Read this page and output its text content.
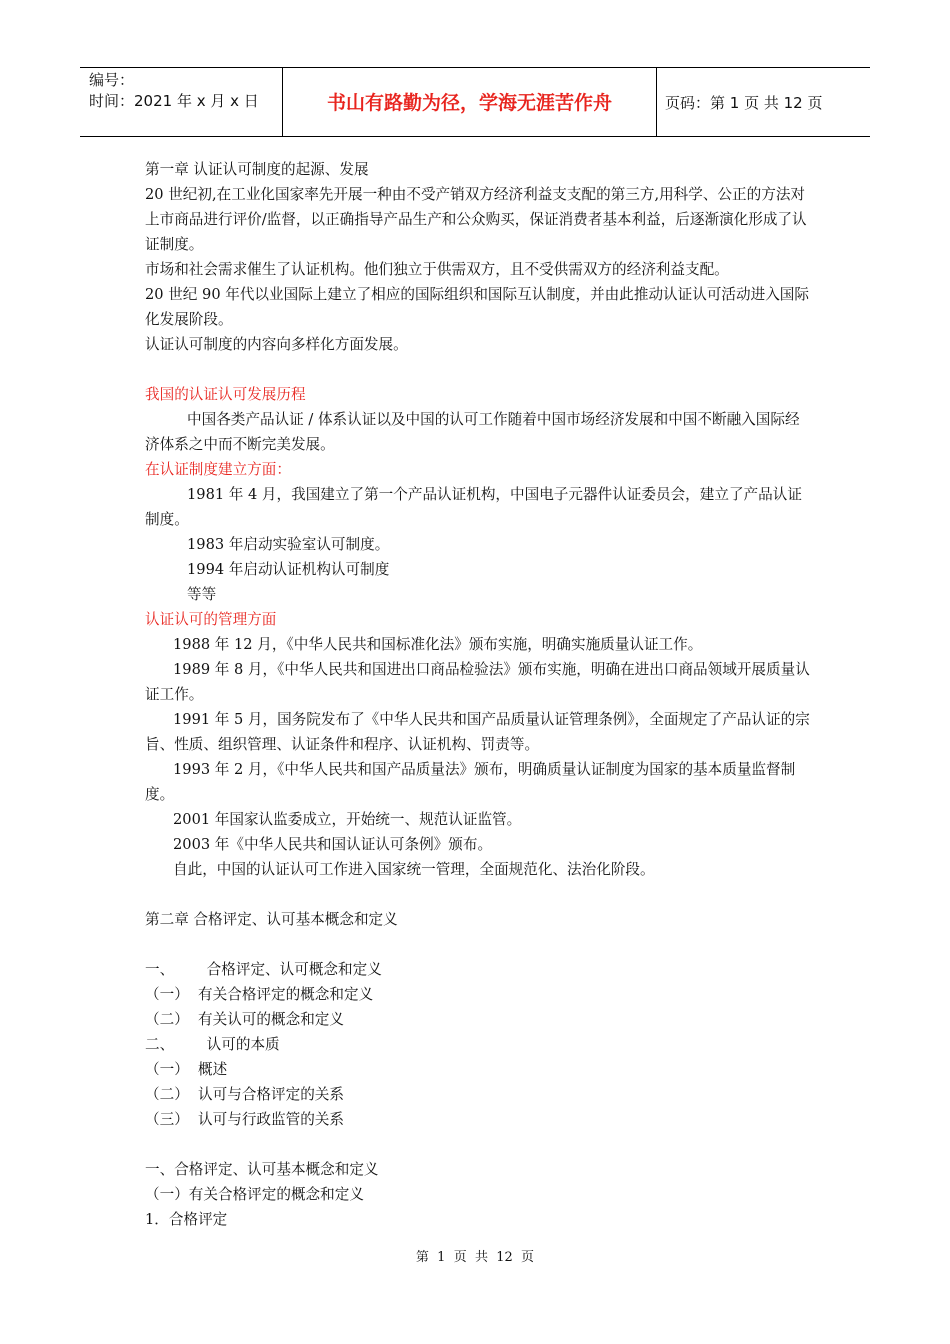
编号：
时间：2021 年 x 月 x 日	书山有路勤为径，学海无涯苦作舟	页码：第 1 页 共 12 页

第一章 认证认可制度的起源、发展

20 世纪初,在工业化国家率先开展一种由不受产销双方经济利益支支配的第三方,用科学、公正的方法对上市商品进行评价/监督，以正确指导产品生产和公众购买，保证消费者基本利益，后逐渐演化形成了认证制度。

市场和社会需求催生了认证机构。他们独立于供需双方，且不受供需双方的经济利益支配。

20 世纪 90 年代以业国际上建立了相应的国际组织和国际互认制度，并由此推动认证认可活动进入国际化发展阶段。

认证认可制度的内容向多样化方面发展。

我国的认证认可发展历程

中国各类产品认证 / 体系认证以及中国的认可工作随着中国市场经济发展和中国不断融入国际经济体系之中而不断完美发展。

在认证制度建立方面：

1981 年 4 月，我国建立了第一个产品认证机构，中国电子元器件认证委员会，建立了产品认证制度。

1983 年启动实验室认可制度。

1994 年启动认证机构认可制度

等等

认证认可的管理方面

1988 年 12 月，《中华人民共和国标准化法》颁布实施，明确实施质量认证工作。

1989 年 8 月，《中华人民共和国进出口商品检验法》颁布实施，明确在进出口商品领域开展质量认证工作。

1991 年 5 月，国务院发布了《中华人民共和国产品质量认证管理条例》，全面规定了产品认证的宗旨、性质、组织管理、认证条件和程序、认证机构、罚责等。

1993 年 2 月，《中华人民共和国产品质量法》颁布，明确质量认证制度为国家的基本质量监督制度。

2001 年国家认监委成立，开始统一、规范认证监管。

2003 年《中华人民共和国认证认可条例》颁布。

自此，中国的认证认可工作进入国家统一管理，全面规范化、法治化阶段。

第二章 合格评定、认可基本概念和定义

一、       合格评定、认可概念和定义

（一）  有关合格评定的概念和定义

（二）  有关认可的概念和定义

二、       认可的本质

（一）  概述

（二）  认可与合格评定的关系

（三）  认可与行政监管的关系

一、合格评定、认可基本概念和定义

（一）有关合格评定的概念和定义

1．合格评定

第  1  页  共  12  页
